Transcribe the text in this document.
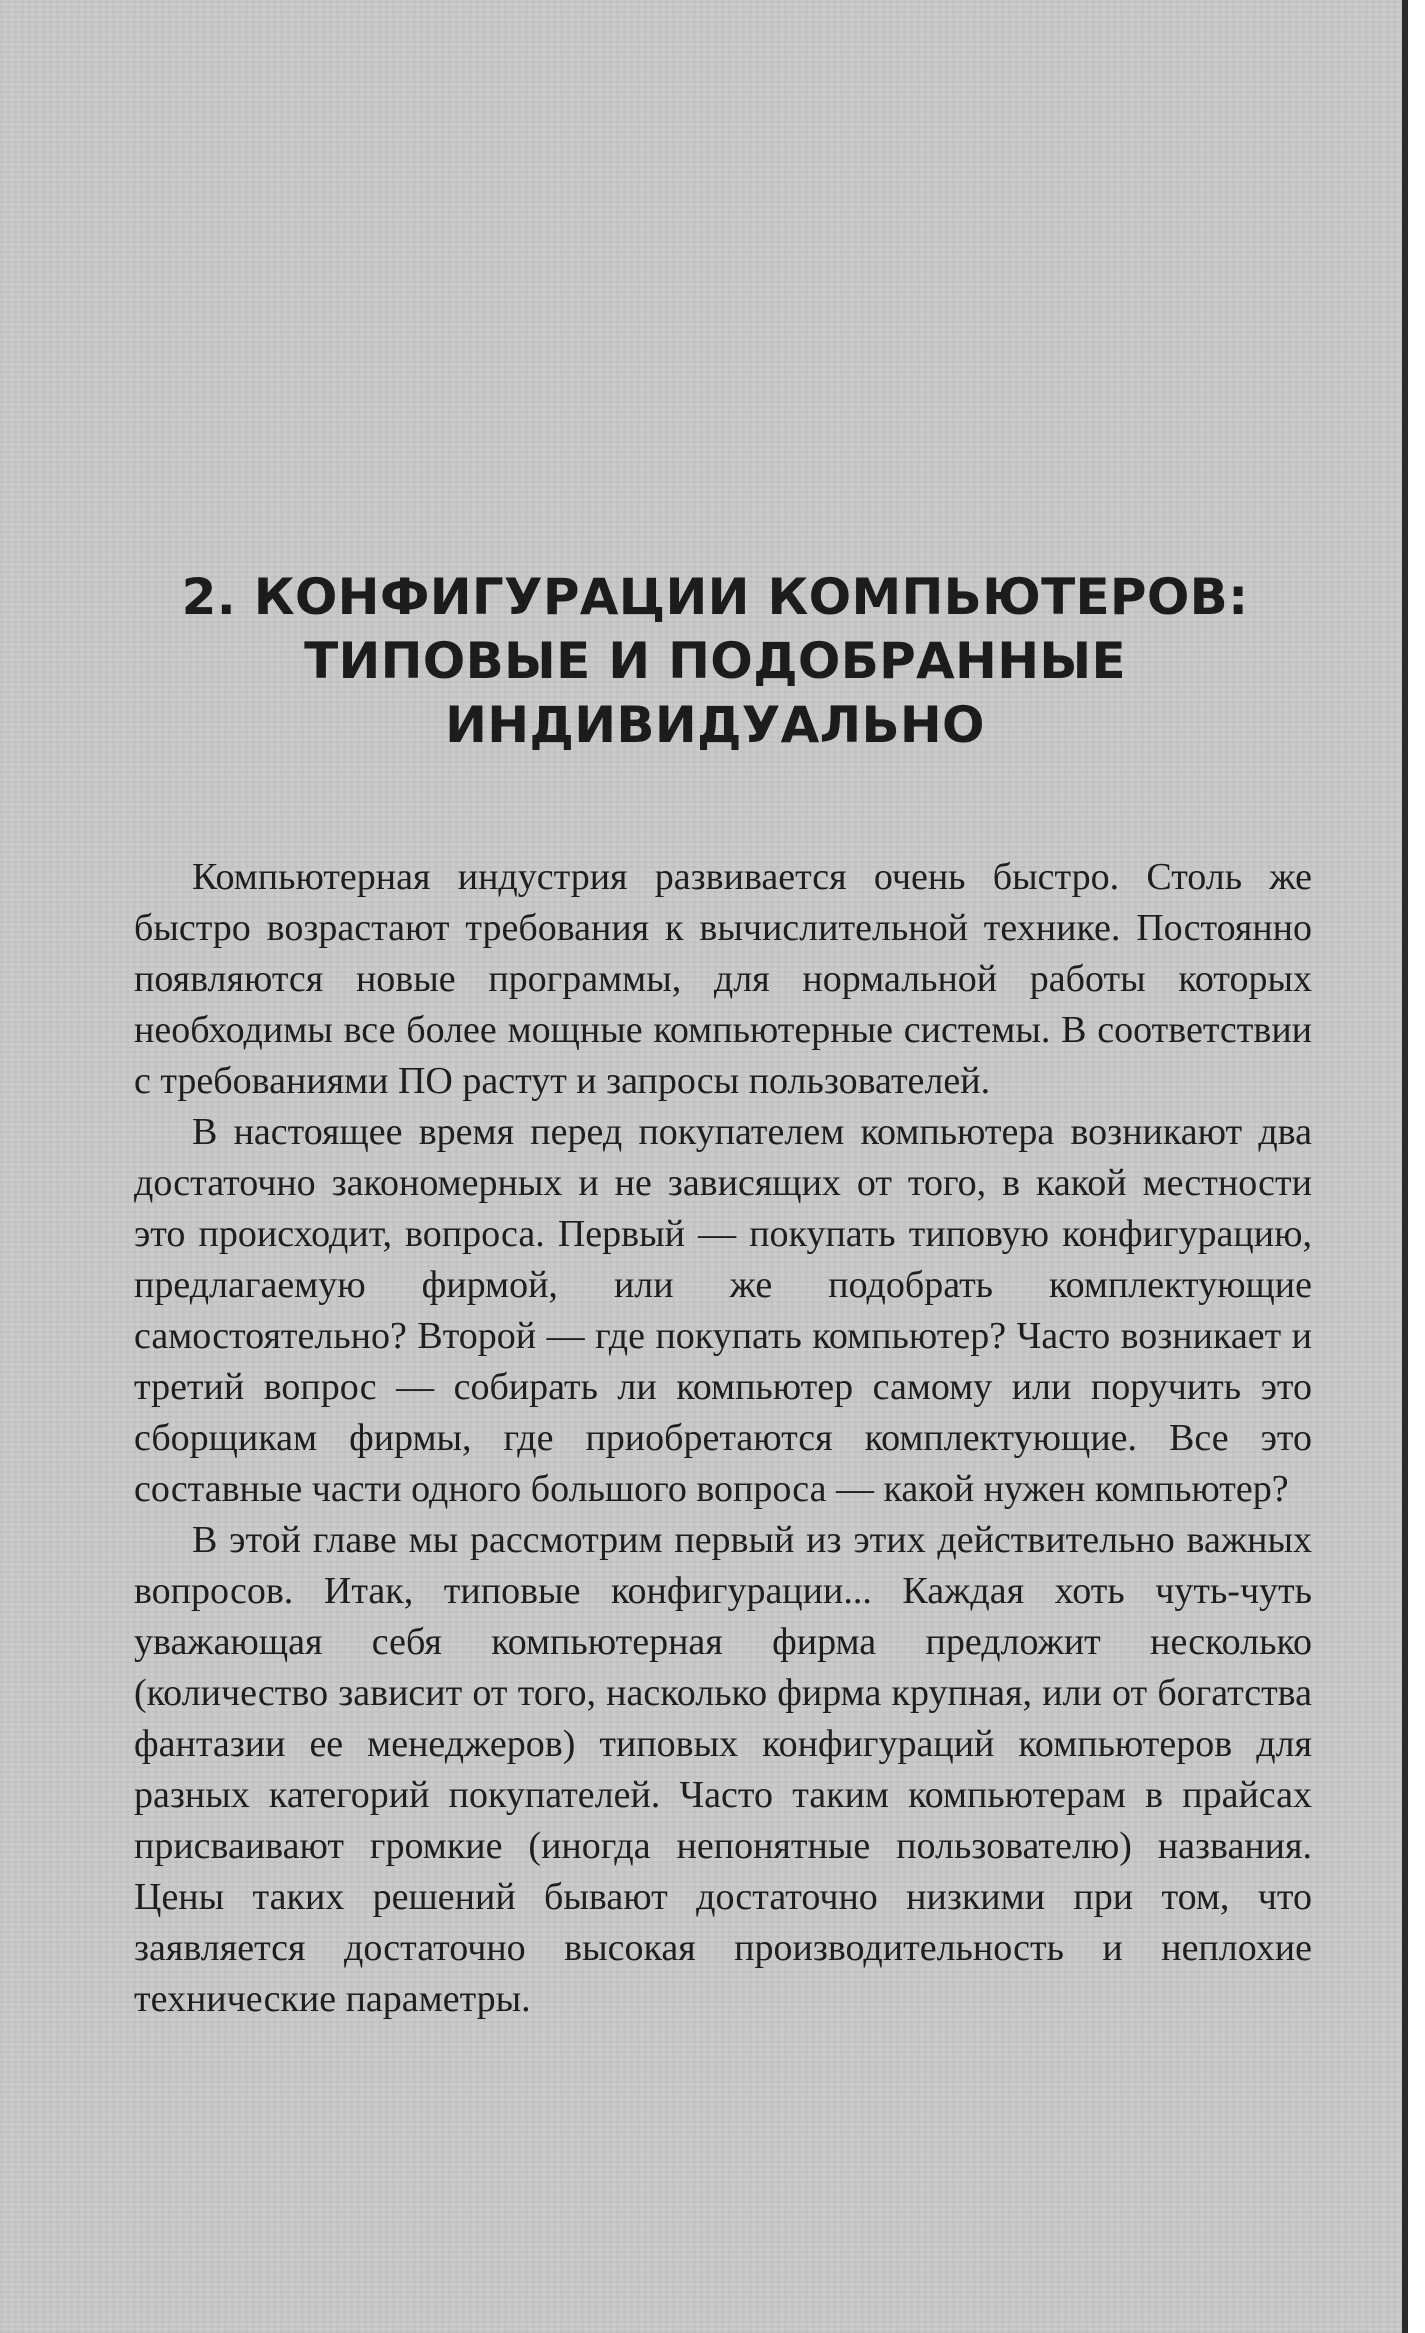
2. КОНФИГУРАЦИИ КОМПЬЮТЕРОВ:
ТИПОВЫЕ И ПОДОБРАННЫЕ
ИНДИВИДУАЛЬНО

Компьютерная индустрия развивается очень быстро. Столь же быстро возрастают требования к вычислительной технике. Постоянно появляются новые программы, для нормальной работы которых необходимы все более мощные компьютерные системы. В соответствии с требованиями ПО растут и запросы пользователей.

В настоящее время перед покупателем компьютера возникают два достаточно закономерных и не зависящих от того, в какой местности это происходит, вопроса. Первый — покупать типовую конфигурацию, предлагаемую фирмой, или же подобрать комплектующие самостоятельно? Второй — где покупать компьютер? Часто возникает и третий вопрос — собирать ли компьютер самому или поручить это сборщикам фирмы, где приобретаются комплектующие. Все это составные части одного большого вопроса — какой нужен компьютер?

В этой главе мы рассмотрим первый из этих действительно важных вопросов. Итак, типовые конфигурации... Каждая хоть чуть-чуть уважающая себя компьютерная фирма предложит несколько (количество зависит от того, насколько фирма крупная, или от богатства фантазии ее менеджеров) типовых конфигураций компьютеров для разных категорий покупателей. Часто таким компьютерам в прайсах присваивают громкие (иногда непонятные пользователю) названия. Цены таких решений бывают достаточно низкими при том, что заявляется достаточно высокая производительность и неплохие технические параметры.
